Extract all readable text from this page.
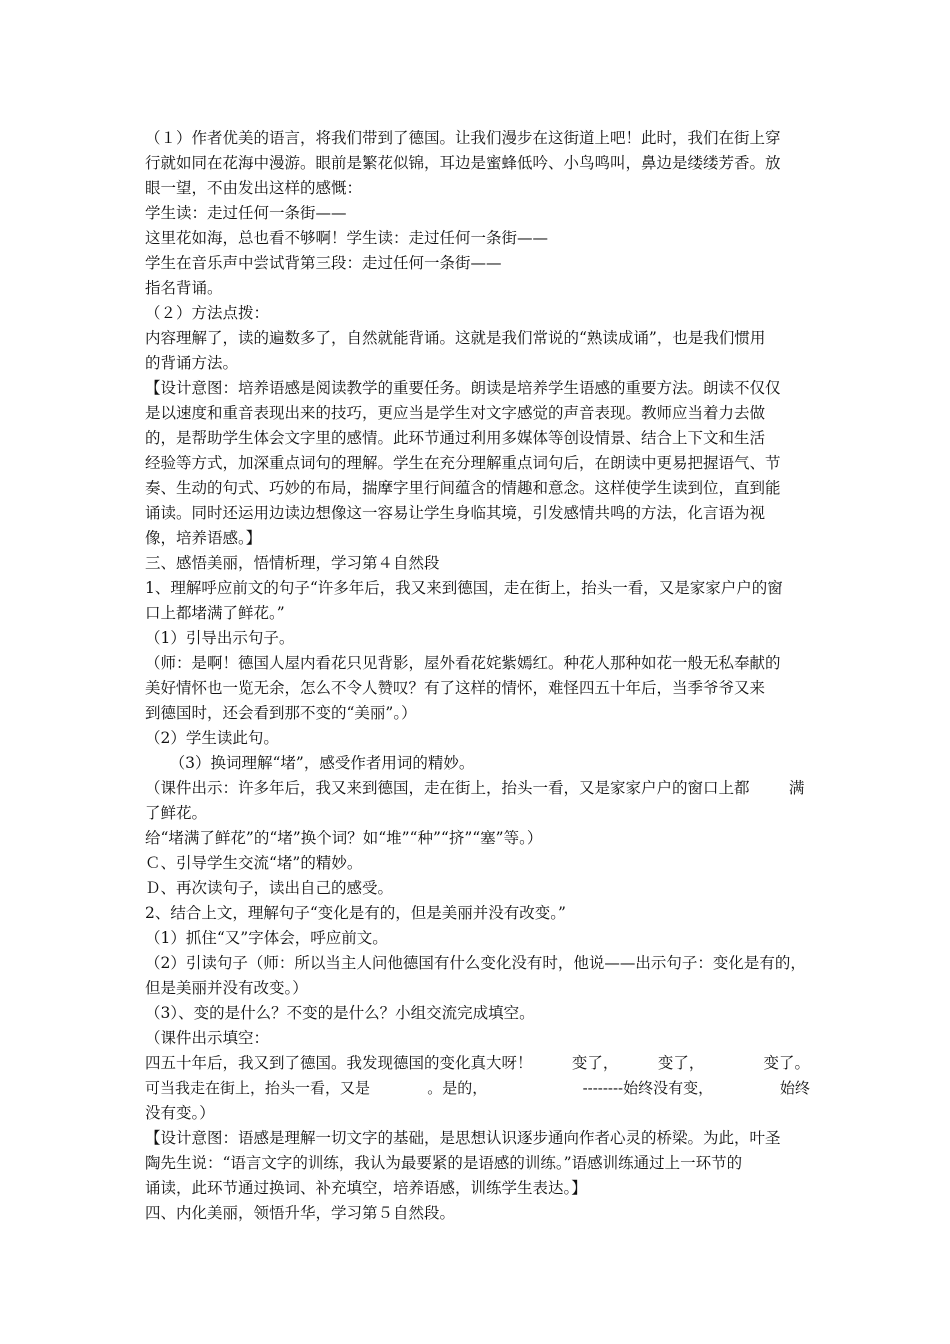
（１）作者优美的语言，将我们带到了德国。让我们漫步在这街道上吧！此时，我们在街上穿
行就如同在花海中漫游。眼前是繁花似锦，耳边是蜜蜂低吟、小鸟鸣叫，鼻边是缕缕芳香。放
眼一望，不由发出这样的感慨：
学生读：走过任何一条街——
这里花如海，总也看不够啊！学生读：走过任何一条街——
学生在音乐声中尝试背第三段：走过任何一条街——
指名背诵。
（２）方法点拨：
内容理解了，读的遍数多了，自然就能背诵。这就是我们常说的“熟读成诵”，也是我们惯用
的背诵方法。
【设计意图：培养语感是阅读教学的重要任务。朗读是培养学生语感的重要方法。朗读不仅仅
是以速度和重音表现出来的技巧，更应当是学生对文字感觉的声音表现。教师应当着力去做
的，是帮助学生体会文字里的感情。此环节通过利用多媒体等创设情景、结合上下文和生活
经验等方式，加深重点词句的理解。学生在充分理解重点词句后，在朗读中更易把握语气、节
奏、生动的句式、巧妙的布局，揣摩字里行间蕴含的情趣和意念。这样使学生读到位，直到能
诵读。同时还运用边读边想像这一容易让学生身临其境，引发感情共鸣的方法，化言语为视
像，培养语感。】
三、感悟美丽，悟情析理，学习第４自然段
1、理解呼应前文的句子“许多年后，我又来到德国，走在街上，抬头一看，又是家家户户的窗
口上都堵满了鲜花。”
（1）引导出示句子。
（师：是啊！德国人屋内看花只见背影，屋外看花姹紫嫣红。种花人那种如花一般无私奉献的
美好情怀也一览无余，怎么不令人赞叹？有了这样的情怀，难怪四五十年后，当季爷爷又来
到德国时，还会看到那不变的“美丽”。）
（2）学生读此句。
（3）换词理解“堵”，感受作者用词的精妙。
（课件出示：许多年后，我又来到德国，走在街上，抬头一看，又是家家户户的窗口上都        满
了鲜花。
给“堵满了鲜花”的“堵”换个词？如“堆”“种”“挤”“塞”等。）
Ｃ、引导学生交流“堵”的精妙。
Ｄ、再次读句子，读出自己的感受。
2、结合上文，理解句子“变化是有的，但是美丽并没有改变。”
（1）抓住“又”字体会，呼应前文。
（2）引读句子（师：所以当主人问他德国有什么变化没有时，他说——出示句子：变化是有的，
但是美丽并没有改变。）
（3）、变的是什么？不变的是什么？小组交流完成填空。
（课件出示填空：
四五十年后，我又到了德国。我发现德国的变化真大呀！        变了，        变了，            变了。
可当我走在街上，抬头一看，又是            。是的，                    --------始终没有变，              始终
没有变。）
【设计意图：语感是理解一切文字的基础，是思想认识逐步通向作者心灵的桥梁。为此，叶圣
陶先生说：“语言文字的训练，我认为最要紧的是语感的训练。”语感训练通过上一环节的
诵读，此环节通过换词、补充填空，培养语感，训练学生表达。】
四、内化美丽，领悟升华，学习第５自然段。
